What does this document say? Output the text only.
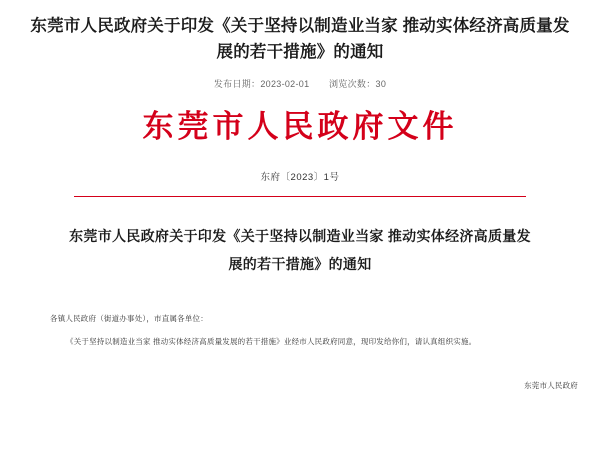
东莞市人民政府关于印发《关于坚持以制造业当家 推动实体经济高质量发展的若干措施》的通知
发布日期：2023-02-01 浏览次数：30
东莞市人民政府文件
东府〔2023〕1号
东莞市人民政府关于印发《关于坚持以制造业当家 推动实体经济高质量发展的若干措施》的通知
各镇人民政府（街道办事处），市直属各单位：
《关于坚持以制造业当家 推动实体经济高质量发展的若干措施》业经市人民政府同意，现印发给你们，请认真组织实施。
东莞市人民政府
